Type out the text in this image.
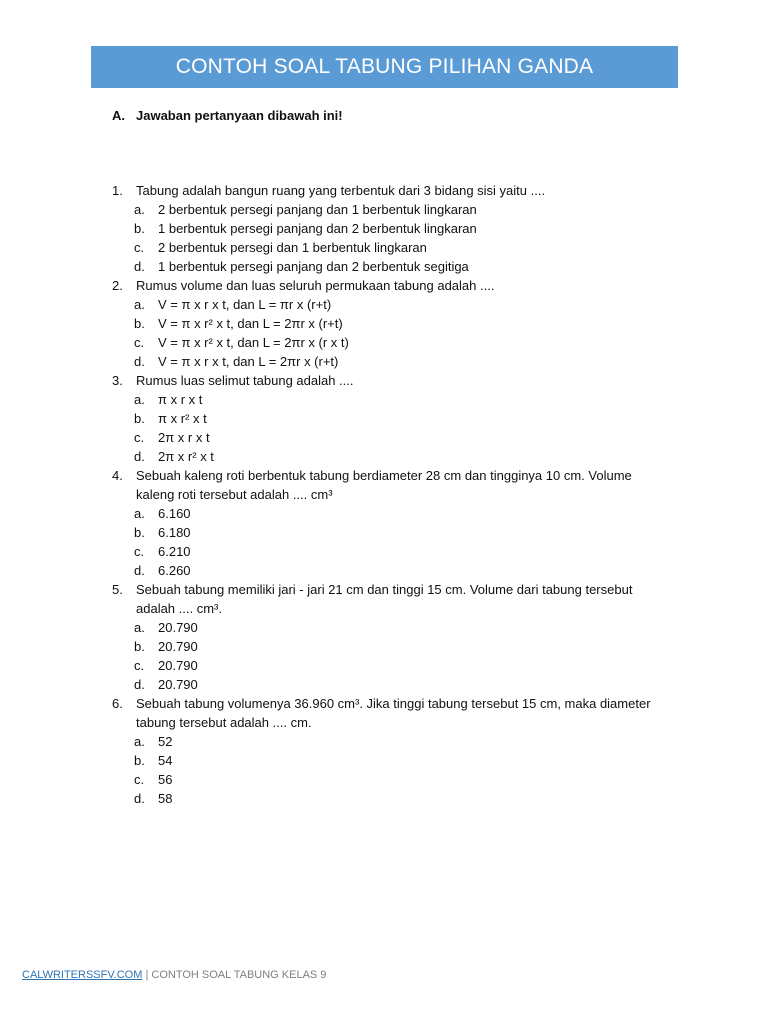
CONTOH SOAL TABUNG PILIHAN GANDA
A. Jawaban pertanyaan dibawah ini!
1. Tabung adalah bangun ruang yang terbentuk dari 3 bidang sisi yaitu ....
a. 2 berbentuk persegi panjang dan 1 berbentuk lingkaran
b. 1 berbentuk persegi panjang dan 2 berbentuk lingkaran
c. 2 berbentuk persegi dan 1 berbentuk lingkaran
d. 1 berbentuk persegi panjang dan 2 berbentuk segitiga
2. Rumus volume dan luas seluruh permukaan tabung adalah ....
a. V = π x r x t, dan L = πr x (r+t)
b. V = π x r² x t, dan L = 2πr x (r+t)
c. V = π x r² x t, dan L = 2πr x (r x t)
d. V = π x r x t, dan L = 2πr x (r+t)
3. Rumus luas selimut tabung adalah ....
a. π x r x t
b. π x r² x t
c. 2π x r x t
d. 2π x r² x t
4. Sebuah kaleng roti berbentuk tabung berdiameter 28 cm dan tingginya 10 cm. Volume kaleng roti tersebut adalah .... cm³
a. 6.160
b. 6.180
c. 6.210
d. 6.260
5. Sebuah tabung memiliki jari - jari 21 cm dan tinggi 15 cm. Volume dari tabung tersebut adalah .... cm³.
a. 20.790
b. 20.790
c. 20.790
d. 20.790
6. Sebuah tabung volumenya 36.960 cm³. Jika tinggi tabung tersebut 15 cm, maka diameter tabung tersebut adalah .... cm.
a. 52
b. 54
c. 56
d. 58
CALWRITERSSFV.COM | CONTOH SOAL TABUNG KELAS 9
